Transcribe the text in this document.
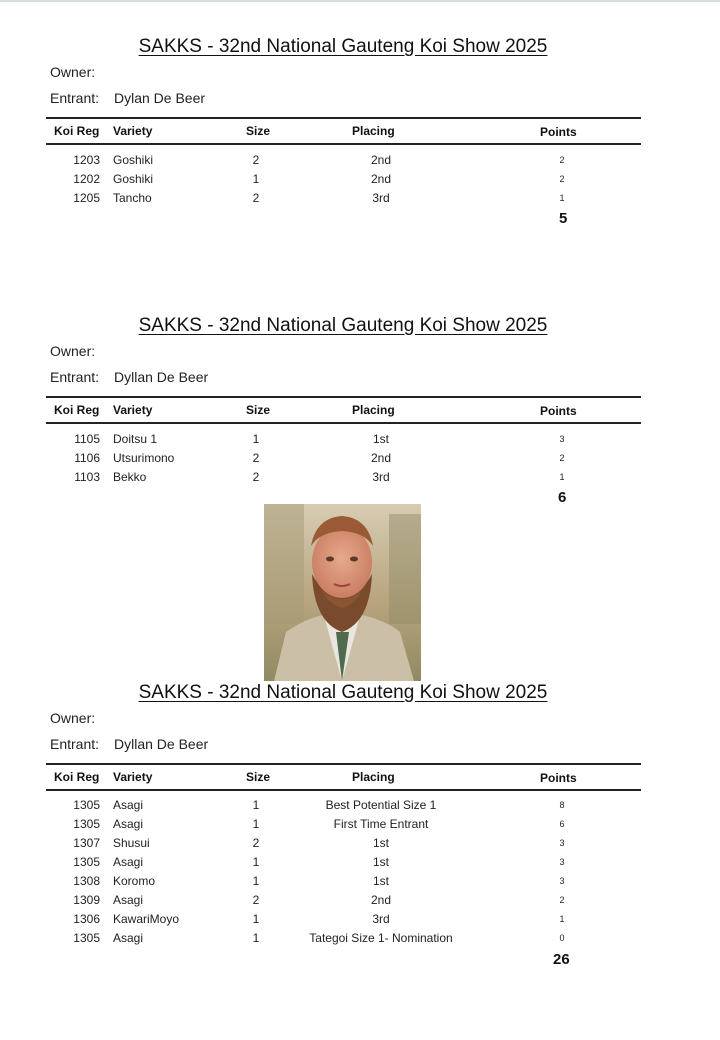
SAKKS - 32nd National Gauteng Koi Show 2025
Owner:
Entrant: Dylan De Beer
Koi Reg Variety	Size	Placing	Points
1203 Goshiki	2	2nd	2
1202 Goshiki	1	2nd	2
1205 Tancho	2	3rd	1
5
SAKKS - 32nd National Gauteng Koi Show 2025
Owner:
Entrant: Dyllan De Beer
Koi Reg Variety	Size	Placing	Points
1105 Doitsu 1	1	1st	3
1106 Utsurimono	2	2nd	2
1103 Bekko	2	3rd	1
6
SAKKS - 32nd National Gauteng Koi Show 2025
Owner:
Entrant: Dyllan De Beer
Koi Reg Variety	Size	Placing	Points
1305 Asagi	1	Best Potential Size 1	8
1305 Asagi	1	First Time Entrant	6
1307 Shusui	2	1st	3
1305 Asagi	1	1st	3
1308 Koromo	1	1st	3
1309 Asagi	2	2nd	2
1306 KawariMoyo	1	3rd	1
1305 Asagi	1	Tategoi Size 1- Nomination	0
26
